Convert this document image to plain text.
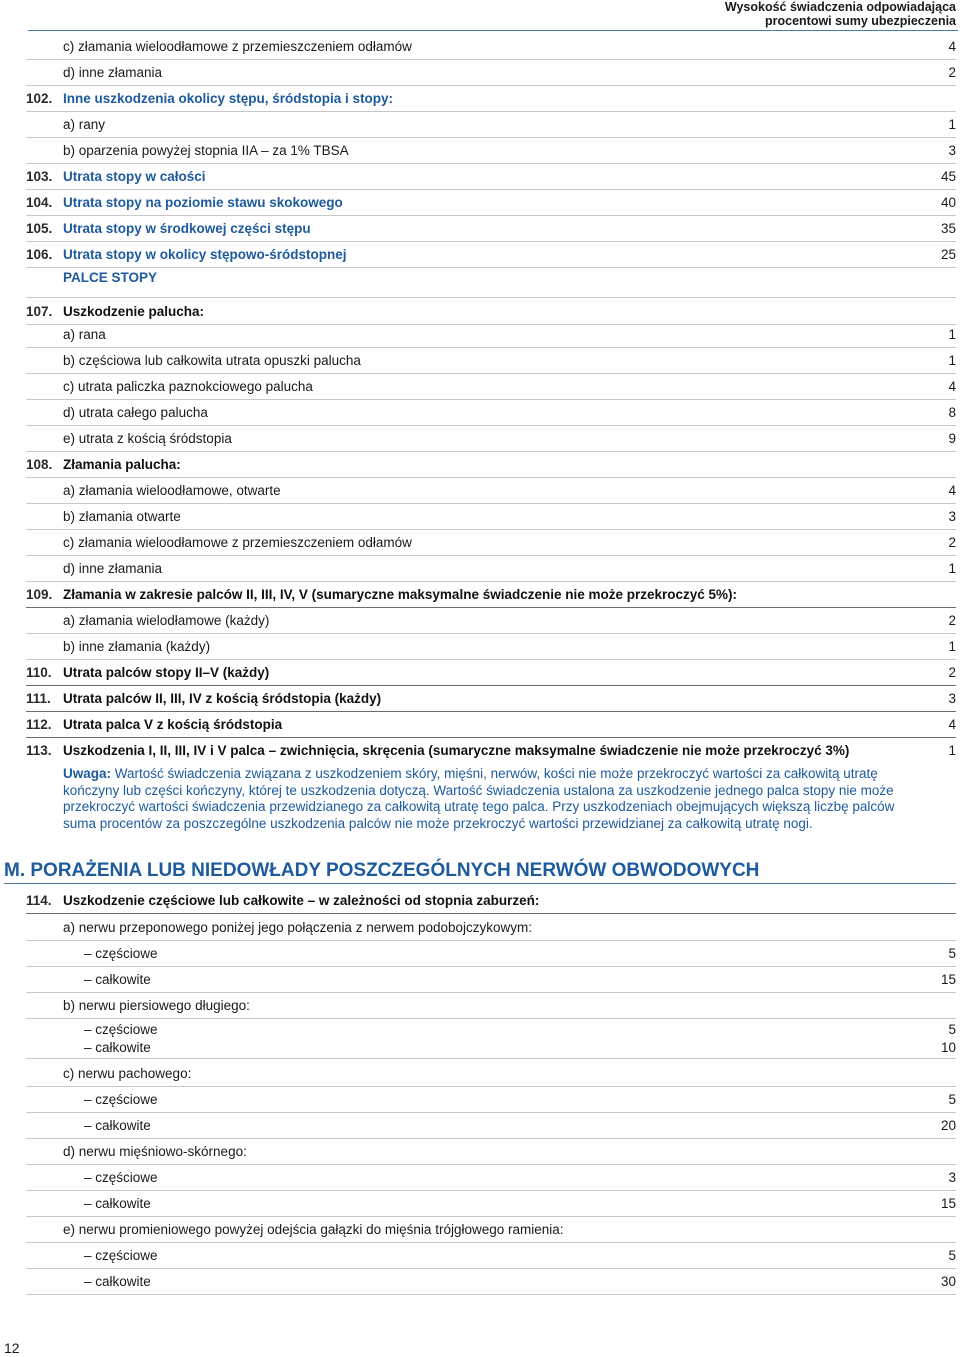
Wysokość świadczenia odpowiadająca
procentowi sumy ubezpieczenia
c) złamania wieloodłamowe z przemieszczeniem odłamów	4
d) inne złamania	2
102. Inne uszkodzenia okolicy stępu, śródstopia i stopy:
a) rany	1
b) oparzenia powyżej stopnia IIA – za 1% TBSA	3
103. Utrata stopy w całości	45
104. Utrata stopy na poziomie stawu skokowego	40
105. Utrata stopy w środkowej części stępu	35
106. Utrata stopy w okolicy stępowo-śródstopnej	25
PALCE STOPY
107. Uszkodzenie palucha:
a) rana	1
b) częściowa lub całkowita utrata opuszki palucha	1
c) utrata paliczka paznokciowego palucha	4
d) utrata całego palucha	8
e) utrata z kością śródstopia	9
108. Złamania palucha:
a) złamania wieloodłamowe, otwarte	4
b) złamania otwarte	3
c) złamania wieloodłamowe z przemieszczeniem odłamów	2
d) inne złamania	1
109. Złamania w zakresie palców II, III, IV, V (sumaryczne maksymalne świadczenie nie może przekroczyć 5%):
a) złamania wielodłamowe (każdy)	2
b) inne złamania (każdy)	1
110. Utrata palców stopy II–V (każdy)	2
111. Utrata palców II, III, IV z kością śródstopia (każdy)	3
112. Utrata palca V z kością śródstopia	4
113. Uszkodzenia I, II, III, IV i V palca – zwichnięcia, skręcenia (sumaryczne maksymalne świadczenie nie może przekroczyć 3%)	1
Uwaga: Wartość świadczenia związana z uszkodzeniem skóry, mięśni, nerwów, kości nie może przekroczyć wartości za całkowitą utratę kończyny lub części kończyny, której te uszkodzenia dotyczą. Wartość świadczenia ustalona za uszkodzenie jednego palca stopy nie może przekroczyć wartości świadczenia przewidzianego za całkowitą utratę tego palca. Przy uszkodzeniach obejmujących większą liczbę palców suma procentów za poszczególne uszkodzenia palców nie może przekroczyć wartości przewidzianej za całkowitą utratę nogi.
M. PORAŻENIA LUB NIEDOWŁADY POSZCZEGÓLNYCH NERWÓW OBWODOWYCH
114. Uszkodzenie częściowe lub całkowite – w zależności od stopnia zaburzeń:
a) nerwu przeponowego poniżej jego połączenia z nerwem podobojczykowym:
– częściowe	5
– całkowite	15
b) nerwu piersiowego długiego:
– częściowe	5
– całkowite	10
c) nerwu pachowego:
– częściowe	5
– całkowite	20
d) nerwu mięśniowo-skórnego:
– częściowe	3
– całkowite	15
e) nerwu promieniowego powyżej odejścia gałązki do mięśnia trójgłowego ramienia:
– częściowe	5
– całkowite	30
12
